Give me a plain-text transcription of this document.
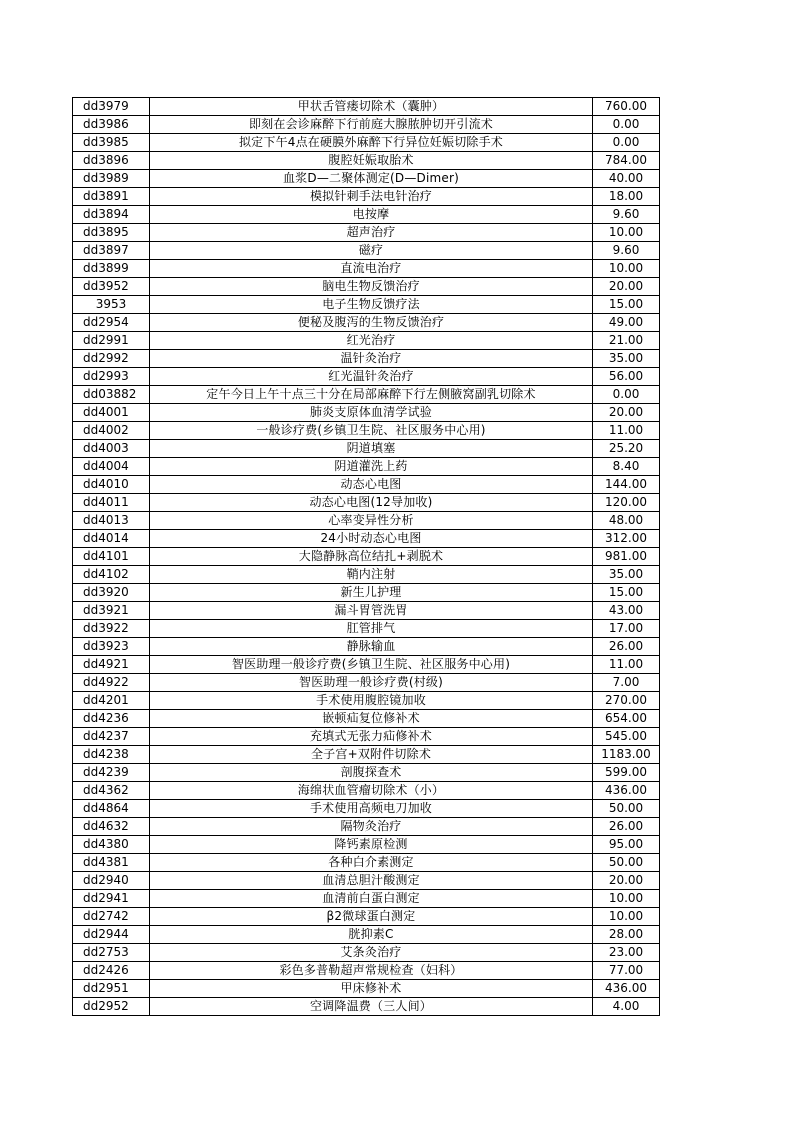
dd3979	甲状舌管瘘切除术（囊肿）	760.00
dd3986	即刻在会诊麻醉下行前庭大腺脓肿切开引流术	0.00
dd3985	拟定下午4点在硬膜外麻醉下行异位妊娠切除手术	0.00
dd3896	腹腔妊娠取胎术	784.00
dd3989	血浆D—二聚体测定(D—Dimer)	40.00
dd3891	模拟针刺手法电针治疗	18.00
dd3894	电按摩	9.60
dd3895	超声治疗	10.00
dd3897	磁疗	9.60
dd3899	直流电治疗	10.00
dd3952	脑电生物反馈治疗	20.00
3953	电子生物反馈疗法	15.00
dd2954	便秘及腹泻的生物反馈治疗	49.00
dd2991	红光治疗	21.00
dd2992	温针灸治疗	35.00
dd2993	红光温针灸治疗	56.00
dd03882	定午今日上午十点三十分在局部麻醉下行左侧腋窝副乳切除术	0.00
dd4001	肺炎支原体血清学试验	20.00
dd4002	一般诊疗费(乡镇卫生院、社区服务中心用)	11.00
dd4003	阴道填塞	25.20
dd4004	阴道灌洗上药	8.40
dd4010	动态心电图	144.00
dd4011	动态心电图(12导加收)	120.00
dd4013	心率变异性分析	48.00
dd4014	24小时动态心电图	312.00
dd4101	大隐静脉高位结扎+剥脱术	981.00
dd4102	鞘内注射	35.00
dd3920	新生儿护理	15.00
dd3921	漏斗胃管洗胃	43.00
dd3922	肛管排气	17.00
dd3923	静脉输血	26.00
dd4921	智医助理一般诊疗费(乡镇卫生院、社区服务中心用)	11.00
dd4922	智医助理一般诊疗费(村级)	7.00
dd4201	手术使用腹腔镜加收	270.00
dd4236	嵌顿疝复位修补术	654.00
dd4237	充填式无张力疝修补术	545.00
dd4238	全子宫+双附件切除术	1183.00
dd4239	剖腹探查术	599.00
dd4362	海绵状血管瘤切除术（小）	436.00
dd4864	手术使用高频电刀加收	50.00
dd4632	隔物灸治疗	26.00
dd4380	降钙素原检测	95.00
dd4381	各种白介素测定	50.00
dd2940	血清总胆汁酸测定	20.00
dd2941	血清前白蛋白测定	10.00
dd2742	β2微球蛋白测定	10.00
dd2944	胱抑素C	28.00
dd2753	艾条灸治疗	23.00
dd2426	彩色多普勒超声常规检查（妇科）	77.00
dd2951	甲床修补术	436.00
dd2952	空调降温费（三人间）	4.00
